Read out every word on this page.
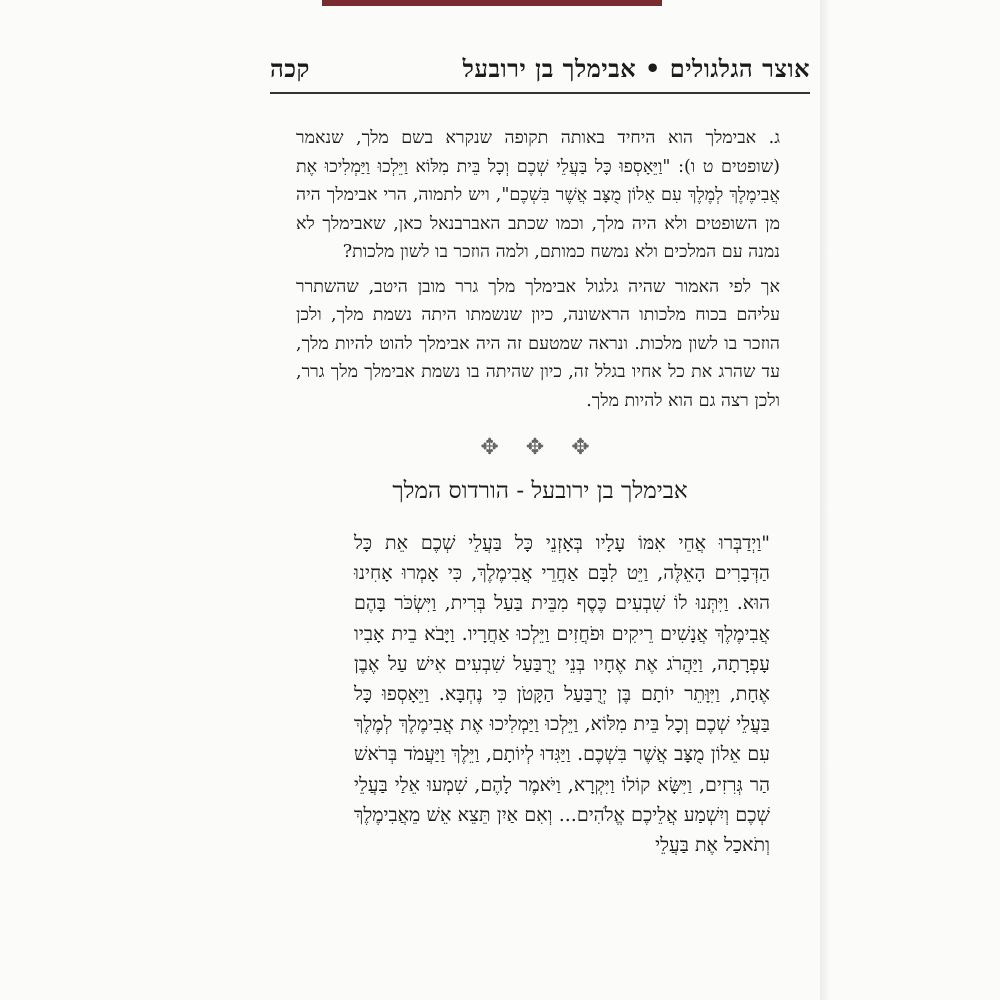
אוצר הגלגולים • אבימלך בן ירובעל
קכה

ג. אבימלך הוא היחיד באותה תקופה שנקרא בשם מלך, שנאמר (שופטים ט ו): "וַיֵּאָסְפוּ כָּל בַּעֲלֵי שְׁכֶם וְכָל בֵּית מִלּוֹא וַיֵּלְכוּ וַיַּמְלִיכוּ אֶת אֲבִימֶלֶךְ לְמֶלֶךְ עִם אֵלוֹן מֻצָּב אֲשֶׁר בִּשְׁכֶם", ויש לתמוה, הרי אבימלך היה מן השופטים ולא היה מלך, וכמו שכתב האברבנאל כאן, שאבימלך לא נמנה עם המלכים ולא נמשח כמותם, ולמה הוזכר בו לשון מלכות?

אך לפי האמור שהיה גלגול אבימלך מלך גרר מובן היטב, שהשתרר עליהם בכוח מלכותו הראשונה, כיון שנשמתו היתה נשמת מלך, ולכן הוזכר בו לשון מלכות. ונראה שמטעם זה היה אבימלך להוט להיות מלך, עד שהרג את כל אחיו בגלל זה, כיון שהיתה בו נשמת אבימלך מלך גרר, ולכן רצה גם הוא להיות מלך.

✥ ✥ ✥
אבימלך בן ירובעל - הורדוס המלך

"וַיְדַבְּרוּ אֲחֵי אִמּוֹ עָלָיו בְּאָזְנֵי כָּל בַּעֲלֵי שְׁכֶם אֵת כָּל הַדְּבָרִים הָאֵלֶּה, וַיֵּט לִבָּם אַחֲרֵי אֲבִימֶלֶךְ, כִּי אָמְרוּ אָחִינוּ הוּא. וַיִּתְּנוּ לוֹ שִׁבְעִים כֶּסֶף מִבֵּית בַּעַל בְּרִית, וַיִּשְׂכֹּר בָּהֶם אֲבִימֶלֶךְ אֲנָשִׁים רֵיקִים וּפֹחֲזִים וַיֵּלְכוּ אַחֲרָיו. וַיָּבֹא בֵית אָבִיו עָפְרָתָה, וַיַּהֲרֹג אֶת אֶחָיו בְּנֵי יְרֻבַּעַל שִׁבְעִים אִישׁ עַל אֶבֶן אֶחָת, וַיִּוָּתֵר יוֹתָם בֶּן יְרֻבַּעַל הַקָּטֹן כִּי נֶחְבָּא. וַיֵּאָסְפוּ כָּל בַּעֲלֵי שְׁכֶם וְכָל בֵּית מִלּוֹא, וַיֵּלְכוּ וַיַּמְלִיכוּ אֶת אֲבִימֶלֶךְ לְמֶלֶךְ עִם אֵלוֹן מֻצָּב אֲשֶׁר בִּשְׁכֶם. וַיַּגִּדוּ לְיוֹתָם, וַיֵּלֶךְ וַיַּעֲמֹד בְּרֹאשׁ הַר גְּרִזִים, וַיִּשָּׂא קוֹלוֹ וַיִּקְרָא, וַיֹּאמֶר לָהֶם, שִׁמְעוּ אֵלַי בַּעֲלֵי שְׁכֶם וְיִשְׁמַע אֲלֵיכֶם אֱלֹהִים... וְאִם אַיִן תֵּצֵא אֵשׁ מֵאֲבִימֶלֶךְ וְתֹאכַל אֶת בַּעֲלֵי
